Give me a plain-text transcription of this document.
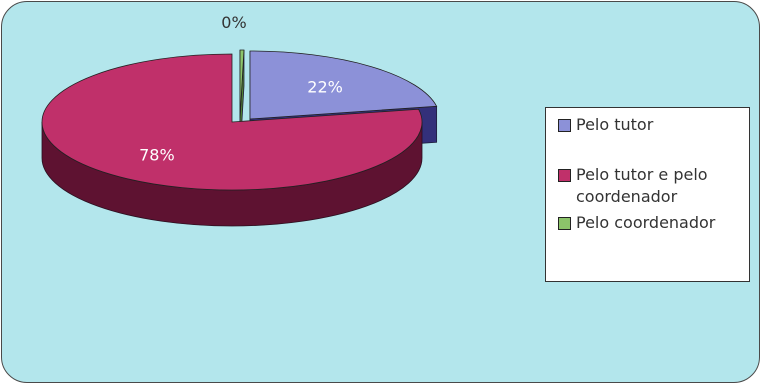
22%
78%
0%
Pelo tutor
Pelo tutor e pelo coordenador
Pelo coordenador
